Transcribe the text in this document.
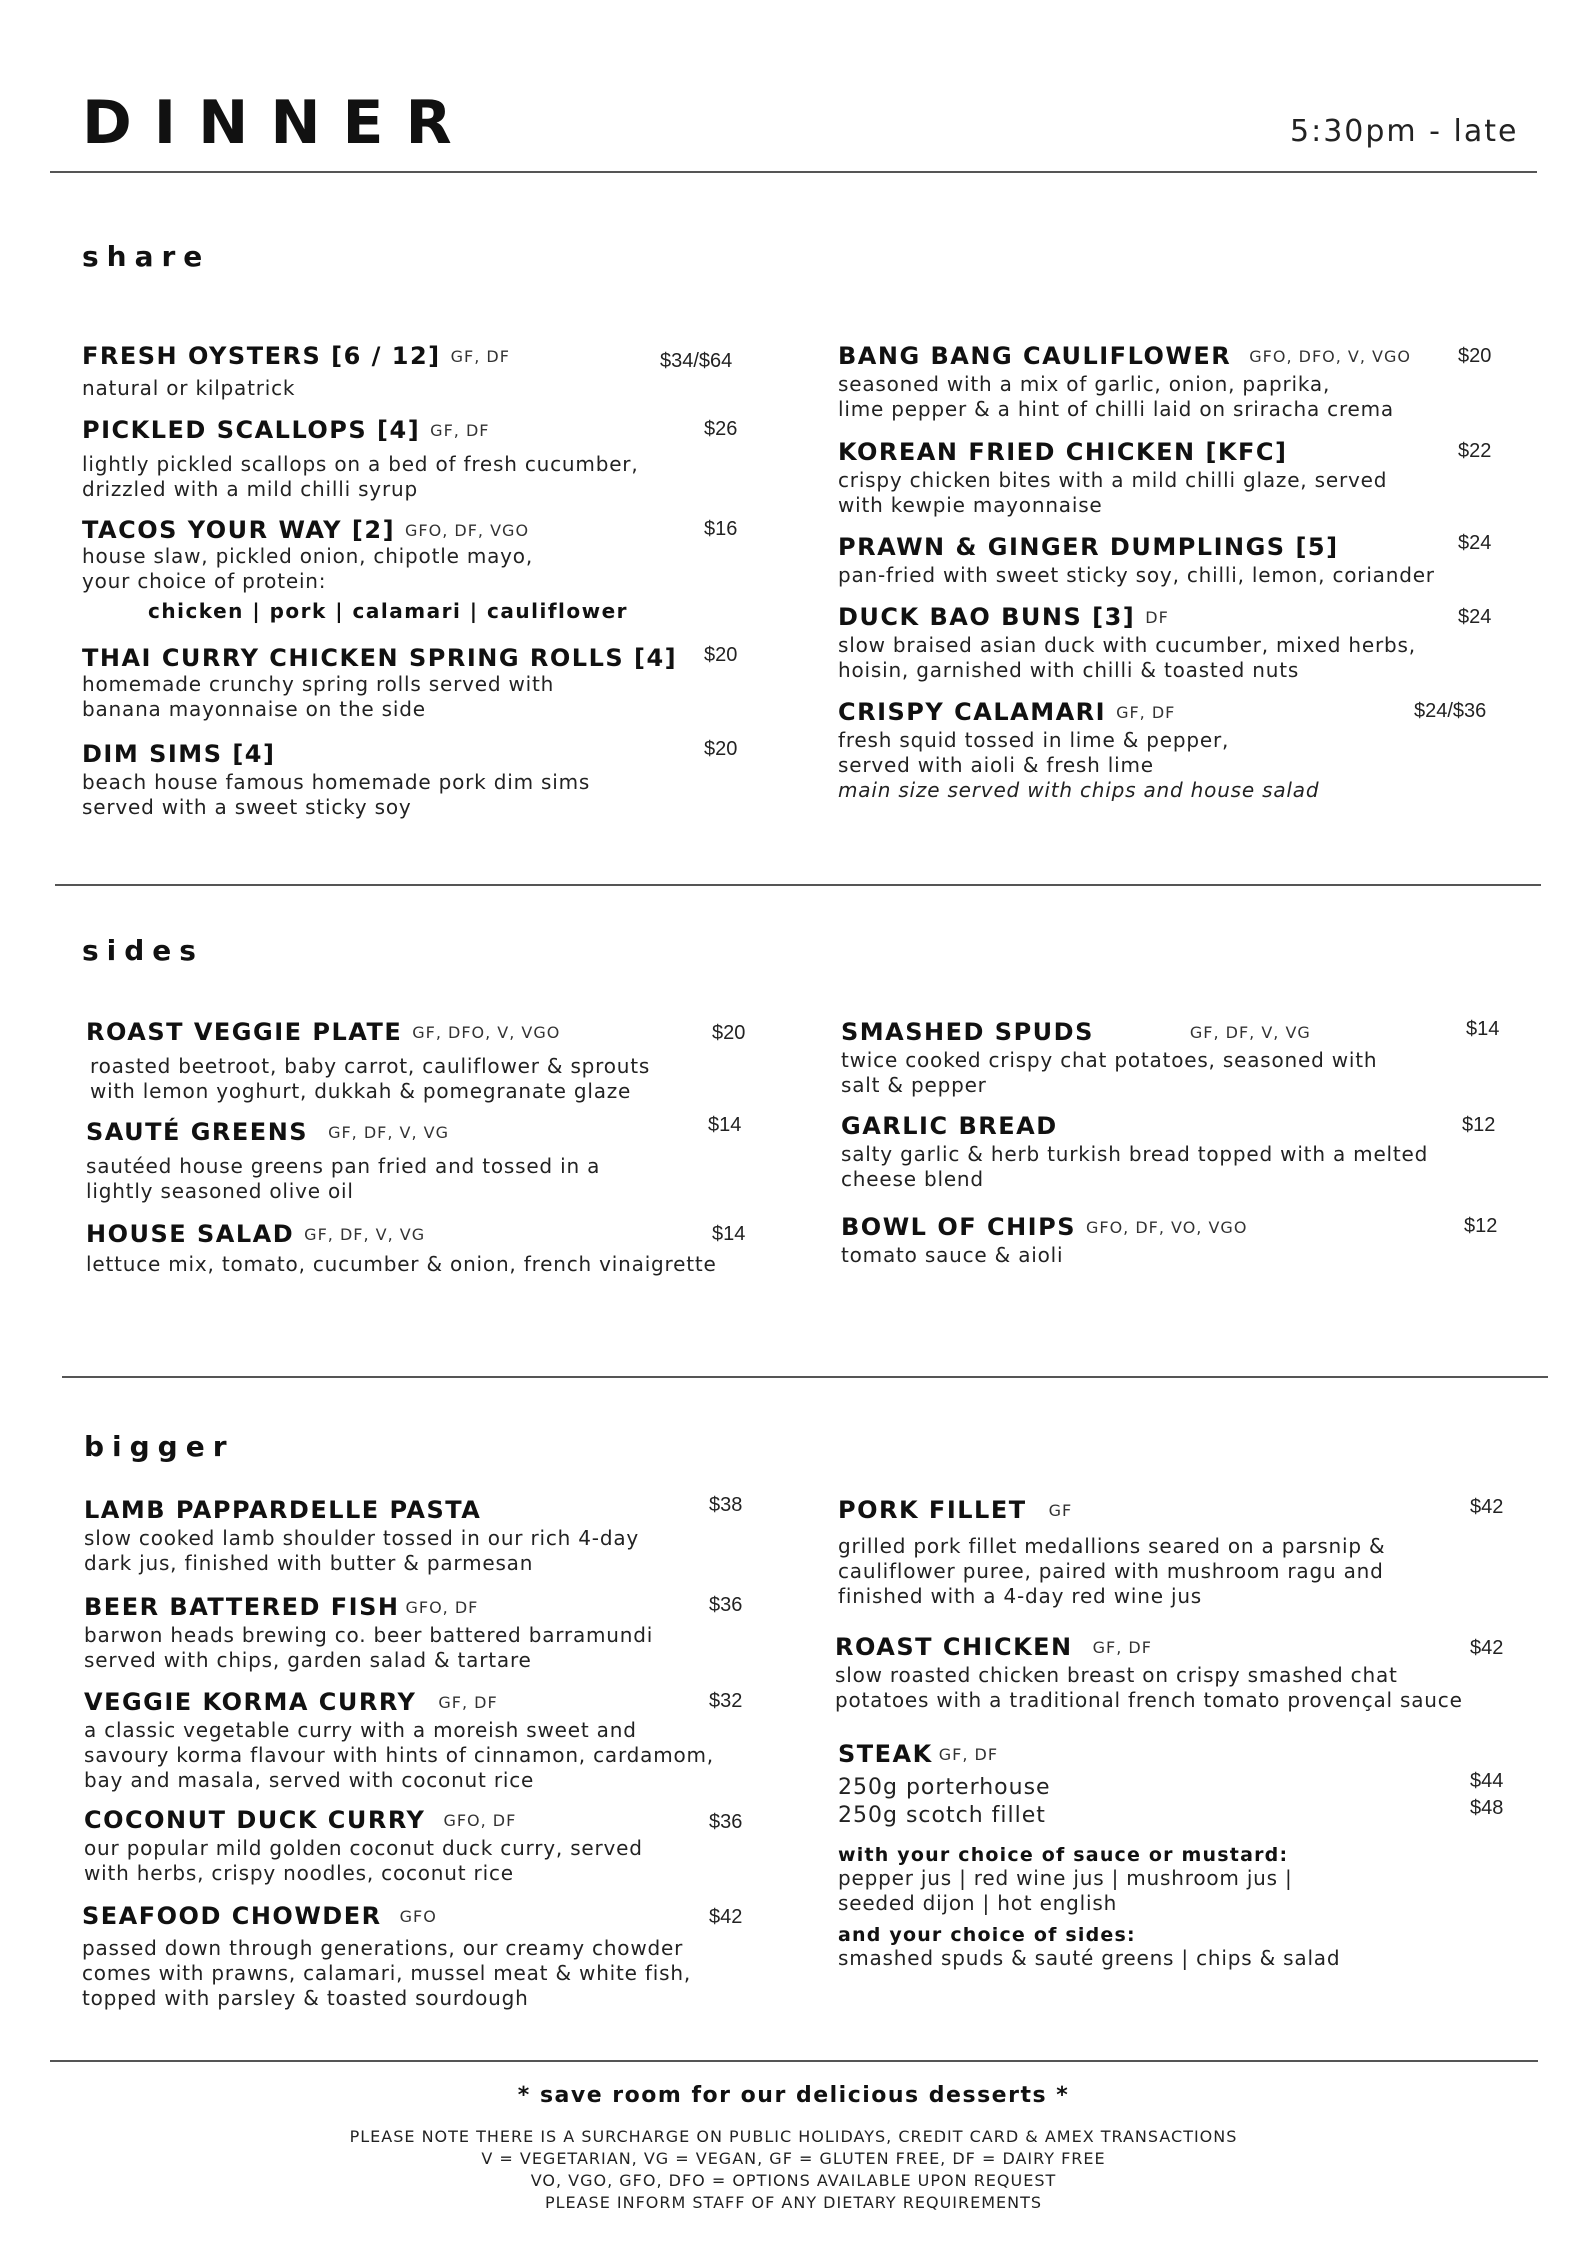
DINNER	5:30pm - late
share
FRESH OYSTERS [6 / 12] GF, DF
natural or kilpatrick
$34/$64
PICKLED SCALLOPS [4] GF, DF
lightly pickled scallops on a bed of fresh cucumber,
drizzled with a mild chilli syrup
$26
TACOS YOUR WAY [2] GFO, DF, VGO
house slaw, pickled onion, chipotle mayo,
your choice of protein:
chicken | pork | calamari | cauliflower
$16
THAI CURRY CHICKEN SPRING ROLLS [4]
homemade crunchy spring rolls served with
banana mayonnaise on the side
$20
DIM SIMS [4]
beach house famous homemade pork dim sims
served with a sweet sticky soy
$20
BANG BANG CAULIFLOWER GFO, DFO, V, VGO
seasoned with a mix of garlic, onion, paprika,
lime pepper & a hint of chilli laid on sriracha crema
$20
KOREAN FRIED CHICKEN [KFC]
crispy chicken bites with a mild chilli glaze, served
with kewpie mayonnaise
$22
PRAWN & GINGER DUMPLINGS [5]
pan-fried with sweet sticky soy, chilli, lemon, coriander
$24
DUCK BAO BUNS [3] DF
slow braised asian duck with cucumber, mixed herbs,
hoisin, garnished with chilli & toasted nuts
$24
CRISPY CALAMARI GF, DF
fresh squid tossed in lime & pepper,
served with aioli & fresh lime
main size served with chips and house salad
$24/$36
sides
ROAST VEGGIE PLATE GF, DFO, V, VGO
roasted beetroot, baby carrot, cauliflower & sprouts
with lemon yoghurt, dukkah & pomegranate glaze
$20
SAUTÉ GREENS GF, DF, V, VG
sautéed house greens pan fried and tossed in a
lightly seasoned olive oil
$14
HOUSE SALAD GF, DF, V, VG
lettuce mix, tomato, cucumber & onion, french vinaigrette
$14
SMASHED SPUDS	GF, DF, V, VG
twice cooked crispy chat potatoes, seasoned with
salt & pepper
$14
GARLIC BREAD
salty garlic & herb turkish bread topped with a melted
cheese blend
$12
BOWL OF CHIPS GFO, DF, VO, VGO
tomato sauce & aioli
$12
bigger
LAMB PAPPARDELLE PASTA
slow cooked lamb shoulder tossed in our rich 4-day
dark jus, finished with butter & parmesan
$38
BEER BATTERED FISH GFO, DF
barwon heads brewing co. beer battered barramundi
served with chips, garden salad & tartare
$36
VEGGIE KORMA CURRY GF, DF
a classic vegetable curry with a moreish sweet and
savoury korma flavour with hints of cinnamon, cardamom,
bay and masala, served with coconut rice
$32
COCONUT DUCK CURRY GFO, DF
our popular mild golden coconut duck curry, served
with herbs, crispy noodles, coconut rice
$36
SEAFOOD CHOWDER GFO
passed down through generations, our creamy chowder
comes with prawns, calamari, mussel meat & white fish,
topped with parsley & toasted sourdough
$42
PORK FILLET GF
grilled pork fillet medallions seared on a parsnip &
cauliflower puree, paired with mushroom ragu and
finished with a 4-day red wine jus
$42
ROAST CHICKEN GF, DF
slow roasted chicken breast on crispy smashed chat
potatoes with a traditional french tomato provençal sauce
$42
STEAK GF, DF
250g porterhouse
250g scotch fillet
with your choice of sauce or mustard:
pepper jus | red wine jus | mushroom jus |
seeded dijon | hot english
and your choice of sides:
smashed spuds & sauté greens | chips & salad
$44
$48
* save room for our delicious desserts *
PLEASE NOTE THERE IS A SURCHARGE ON PUBLIC HOLIDAYS, CREDIT CARD & AMEX TRANSACTIONS
V = VEGETARIAN, VG = VEGAN, GF = GLUTEN FREE, DF = DAIRY FREE
VO, VGO, GFO, DFO = OPTIONS AVAILABLE UPON REQUEST
PLEASE INFORM STAFF OF ANY DIETARY REQUIREMENTS
